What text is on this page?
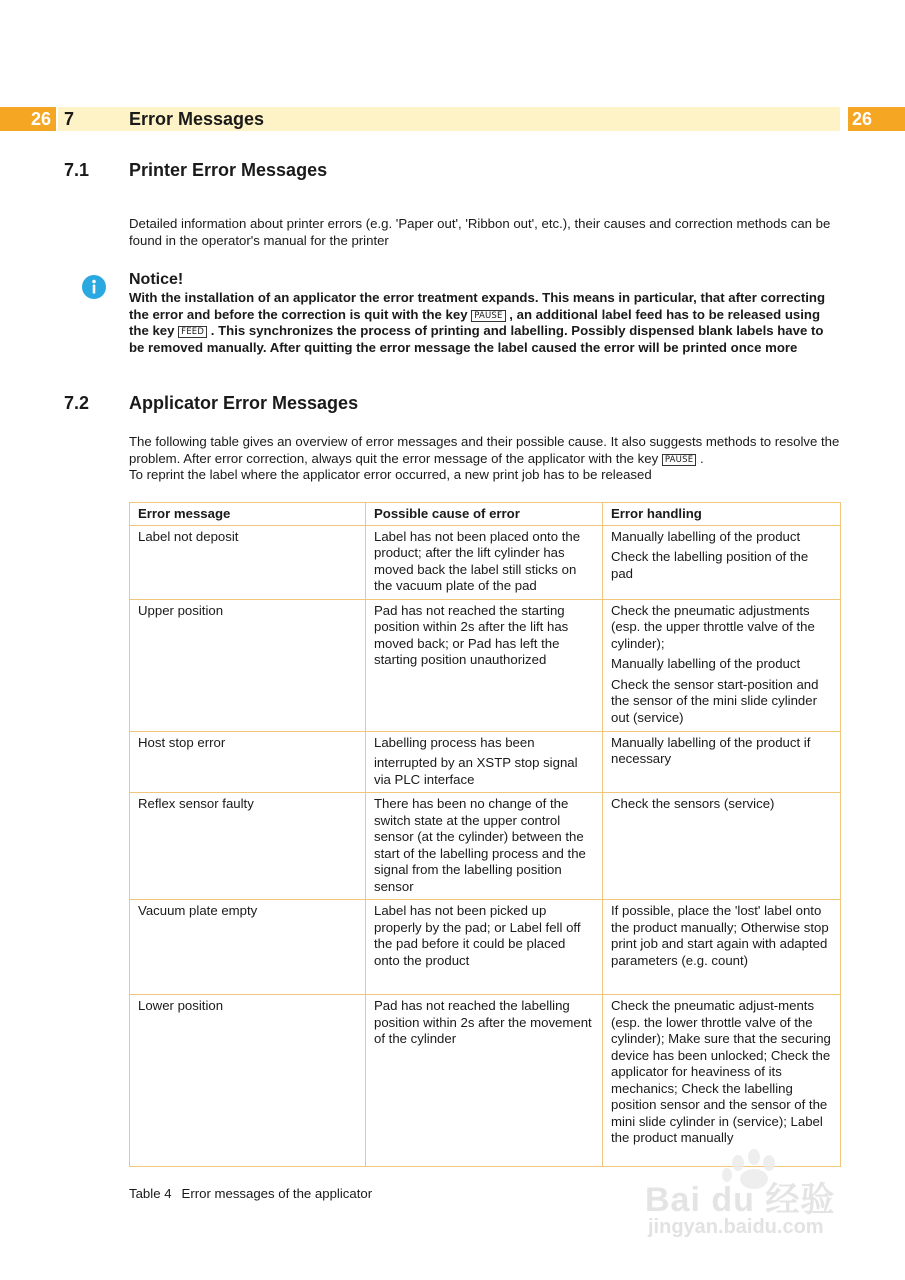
26 7	Error Messages	26
7.1 Printer Error Messages
Detailed information about printer errors (e.g. 'Paper out', 'Ribbon out', etc.), their causes and correction methods can be found in the operator's manual for the printer
Notice!
With the installation of an applicator the error treatment expands. This means in particular, that after correcting the error and before the correction is quit with the key PAUSE , an additional label feed has to be released using the key FEED . This synchronizes the process of printing and labelling. Possibly dispensed blank labels have to be removed manually. After quitting the error message the label caused the error will be printed once more
7.2 Applicator Error Messages
The following table gives an overview of error messages and their possible cause. It also suggests methods to resolve the problem. After error correction, always quit the error message of the applicator with the key PAUSE .
To reprint the label where the applicator error occurred, a new print job has to be released
Error message	Possible cause of error	Error handling
Label not deposit	Label has not been placed onto the product; after the lift cylinder has moved back the label still sticks on the vacuum plate of the pad	Manually labelling of the product

Check the labelling position of the pad

Upper position	Pad has not reached the starting position within 2s after the lift has moved back; or Pad has left the starting position unauthorized	Check the pneumatic adjustments (esp. the upper throttle valve of the cylinder);

Manually labelling of the product

Check the sensor start-position and the sensor of the mini slide cylinder out (service)

Host stop error	Labelling process has been

interrupted by an XSTP stop signal via PLC interface	Manually labelling of the product if necessary

Reflex sensor faulty	There has been no change of the switch state at the upper control sensor (at the cylinder) between the start of the labelling process and the signal from the labelling position sensor	Check the sensors (service)

Vacuum plate empty	Label has not been picked up properly by the pad; or Label fell off the pad before it could be placed onto the product	If possible, place the 'lost' label onto the product manually; Otherwise stop print job and start again with adapted parameters (e.g. count)

Lower position	Pad has not reached the labelling position within 2s after the movement of the cylinder	Check the pneumatic adjust-ments (esp. the lower throttle valve of the cylinder); Make sure that the securing device has been unlocked; Check the applicator for heaviness of its mechanics; Check the labelling position sensor and the sensor of the mini slide cylinder in (service); Label the product manually

Table 4 Error messages of the applicator	Bai du 经验
jingyan.baidu.com
